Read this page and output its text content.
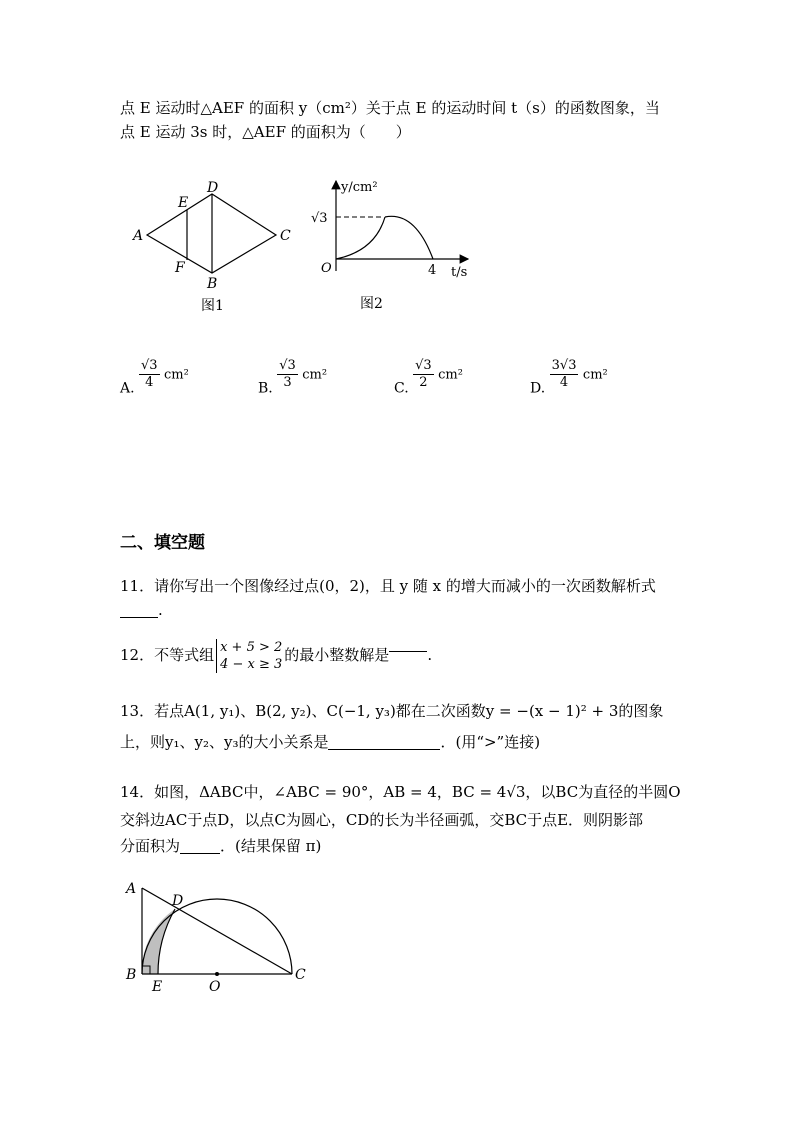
点 E 运动时△AEF 的面积 y（cm²）关于点 E 的运动时间 t（s）的函数图象，当
点 E 运动 3s 时，△AEF 的面积为（　　）
A
B
C
D
E
F
图1
y/cm²
t/s
√3
O	4
图2
A. $\frac{√3}{4} cm^2$
B. $\frac{√3}{3} cm^2$
C. $\frac{√3}{2} cm^2$
D. $\frac{3√3}{4} cm^2$
二、填空题
11．请你写出一个图像经过点(0，2)，且 y 随 x 的增大而减小的一次函数解析式
.
12．不等式组 x + 5 > 2
4 − x ≥ 3
的最小整数解是	.
13．若点A(1, y₁)、B(2, y₂)、C(−1, y₃)都在二次函数y = −(x − 1)² + 3的图象
上，则y₁、y₂、y₃的大小关系是	．(用“>”连接)
14．如图，ΔABC中，∠ABC = 90°，AB = 4，BC = 4√3，以BC为直径的半圆O
交斜边AC于点D，以点C为圆心，CD的长为半径画弧，交BC于点E．则阴影部
分面积为	．(结果保留 π)
A
D
B
E	O
C
